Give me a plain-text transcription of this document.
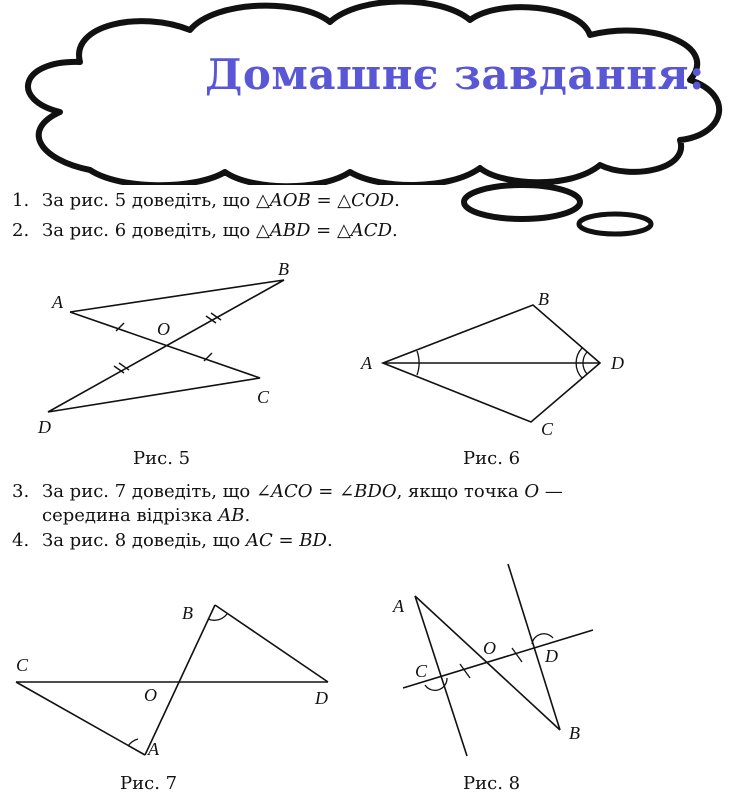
Домашнє завдання:
1. За рис. 5 доведіть, що △AOB = △COD.
2. За рис. 6 доведіть, що △ABD = △ACD.
A
B
O
C
D
Рис. 5
A
B
D
C
Рис. 6
3. За рис. 7 доведіть, що ∠ACO = ∠BDO, якщо точка O —
середина відрізка AB.
4. За рис. 8 доведіь, що AC = BD.
B
C
O	D
A
Рис. 7
A
C
O	D
B
Рис. 8
